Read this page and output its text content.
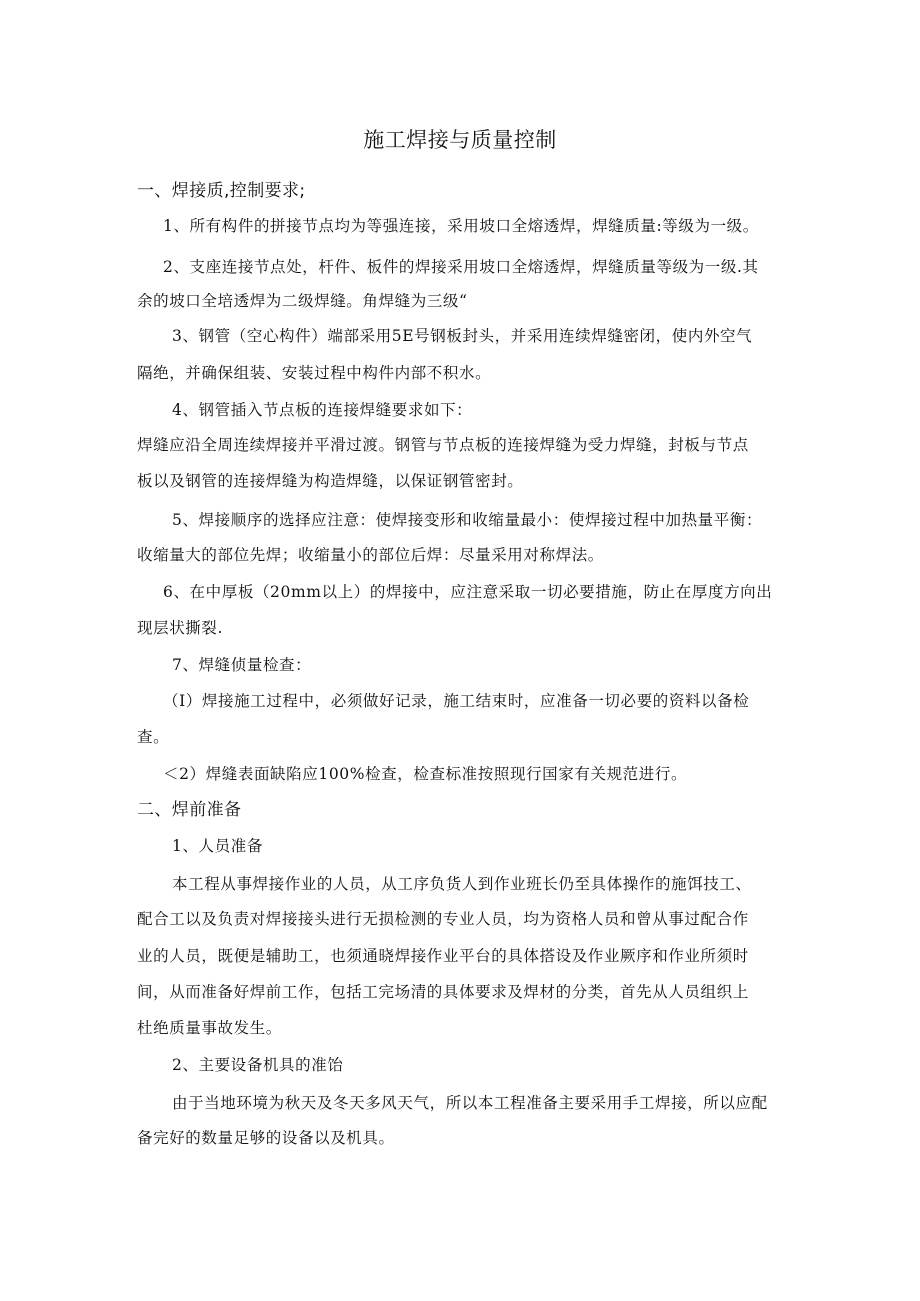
施工焊接与质量控制
一、焊接质,控制要求;
1、所有构件的拼接节点均为等强连接，采用坡口全熔透焊，焊缝质量:等级为一级。
2、支座连接节点处，杆件、板件的焊接采用坡口全熔透焊，焊缝质量等级为一级.其
余的坡口全培透焊为二级焊缝。角焊缝为三级“
3、钢管（空心构件）端部采用5E号钢板封头，并采用连续焊缝密闭，使内外空气
隔绝，并确保组装、安装过程中构件内部不积水。
4、钢管插入节点板的连接焊缝要求如下：
焊缝应沿全周连续焊接并平滑过渡。钢管与节点板的连接焊缝为受力焊缝，封板与节点
板以及钢管的连接焊缝为构造焊缝，以保证钢管密封。
5、焊接顺序的选择应注意：使焊接变形和收缩量最小：使焊接过程中加热量平衡：
收缩量大的部位先焊；收缩量小的部位后焊：尽量采用对称焊法。
6、在中厚板（20mm以上）的焊接中，应注意采取一切必要措施，防止在厚度方向出
现层状撕裂.
7、焊缝侦量检查：
（I）焊接施工过程中，必须做好记录，施工结束时，应准备一切必要的资料以备检
查。
＜2）焊缝表面缺陷应100%检查，检查标准按照现行国家有关规范进行。
二、焊前准备
1、人员准备
本工程从事焊接作业的人员，从工序负货人到作业班长仍至具体操作的施饵技工、
配合工以及负责对焊接接头进行无损检测的专业人员，均为资格人员和曾从事过配合作
业的人员，既便是辅助工，也须通晓焊接作业平台的具体搭设及作业厥序和作业所须时
间，从而准备好焊前工作，包括工完场清的具体要求及焊材的分类，首先从人员组织上
杜绝质量事故发生。
2、主要设备机具的准饴
由于当地环境为秋天及冬天多风天气，所以本工程准备主要采用手工焊接，所以应配
备完好的数量足够的设备以及机具。
